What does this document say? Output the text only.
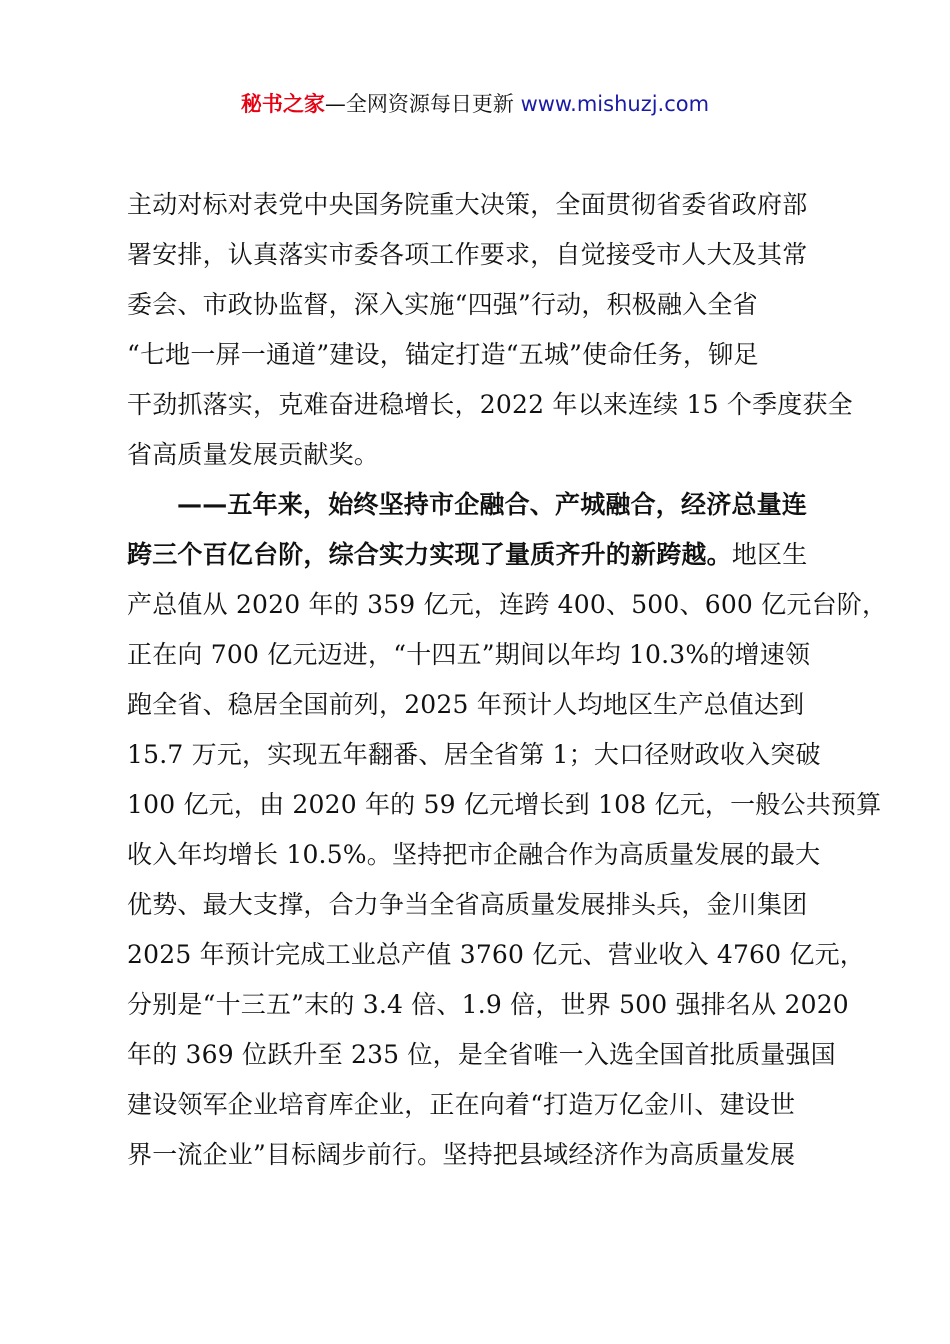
秘书之家—全网资源每日更新 www.mishuzj.com
主动对标对表党中央国务院重大决策，全面贯彻省委省政府部
署安排，认真落实市委各项工作要求，自觉接受市人大及其常
委会、市政协监督，深入实施“四强”行动，积极融入全省
“七地一屏一通道”建设，锚定打造“五城”使命任务，铆足
干劲抓落实，克难奋进稳增长，2022 年以来连续 15 个季度获全
省高质量发展贡献奖。
——五年来，始终坚持市企融合、产城融合，经济总量连
跨三个百亿台阶，综合实力实现了量质齐升的新跨越。地区生
产总值从 2020 年的 359 亿元，连跨 400、500、600 亿元台阶，
正在向 700 亿元迈进，“十四五”期间以年均 10.3%的增速领
跑全省、稳居全国前列，2025 年预计人均地区生产总值达到
15.7 万元，实现五年翻番、居全省第 1；大口径财政收入突破
100 亿元，由 2020 年的 59 亿元增长到 108 亿元，一般公共预算
收入年均增长 10.5%。坚持把市企融合作为高质量发展的最大
优势、最大支撑，合力争当全省高质量发展排头兵，金川集团
2025 年预计完成工业总产值 3760 亿元、营业收入 4760 亿元，
分别是“十三五”末的 3.4 倍、1.9 倍，世界 500 强排名从 2020
年的 369 位跃升至 235 位，是全省唯一入选全国首批质量强国
建设领军企业培育库企业，正在向着“打造万亿金川、建设世
界一流企业”目标阔步前行。坚持把县域经济作为高质量发展
